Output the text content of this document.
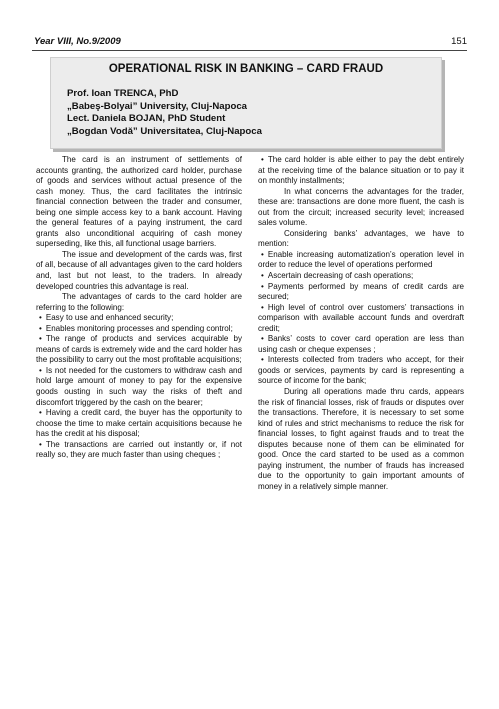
Year VIII, No.9/2009	151
OPERATIONAL RISK IN BANKING – CARD FRAUD
Prof. Ioan TRENCA, PhD
„Babeş-Bolyai” University, Cluj-Napoca
Lect. Daniela BOJAN, PhD Student
„Bogdan Vodă” Universitatea, Cluj-Napoca

The card is an instrument of settlements of accounts granting, the authorized card holder, purchase of goods and services without actual presence of the cash money. Thus, the card facilitates the intrinsic financial connection between the trader and consumer, being one simple access key to a bank account. Having the general features of a paying instrument, the card grants also unconditional acquiring of cash money superseding, like this, all functional usage barriers.

The issue and development of the cards was, first of all, because of all advantages given to the card holders and, last but not least, to the traders. In already developed countries this advantage is real.

The advantages of cards to the card holder are referring to the following:

• Easy to use and enhanced security;

• Enables monitoring processes and spending control;

• The range of products and services acquirable by means of cards is extremely wide and the card holder has the possibility to carry out the most profitable acquisitions;

• Is not needed for the customers to withdraw cash and hold large amount of money to pay for the expensive goods ousting in such way the risks of theft and discomfort triggered by the cash on the bearer;

• Having a credit card, the buyer has the opportunity to choose the time to make certain acquisitions because he has the credit at his disposal;

• The transactions are carried out instantly or, if not really so, they are much faster than using cheques ;

• The card holder is able either to pay the debt entirely at the receiving time of the balance situation or to pay it on monthly installments;

In what concerns the advantages for the trader, these are: transactions are done more fluent, the cash is out from the circuit; increased security level; increased sales volume.

Considering banks’ advantages, we have to mention:

• Enable increasing automatization’s operation level in order to reduce the level of operations performed

• Ascertain decreasing of cash operations;

• Payments performed by means of credit cards are secured;

• High level of control over customers’ transactions in comparison with available account funds and overdraft credit;

• Banks’ costs to cover card operation are less than using cash or cheque expenses ;

• Interests collected from traders who accept, for their goods or services, payments by card is representing a source of income for the bank;

During all operations made thru cards, appears the risk of financial losses, risk of frauds or disputes over the transactions. Therefore, it is necessary to set some kind of rules and strict mechanisms to reduce the risk for financial losses, to fight against frauds and to treat the disputes because none of them can be eliminated for good. Once the card started to be used as a common paying instrument, the number of frauds has increased due to the opportunity to gain important amounts of money in a relatively simple manner.
